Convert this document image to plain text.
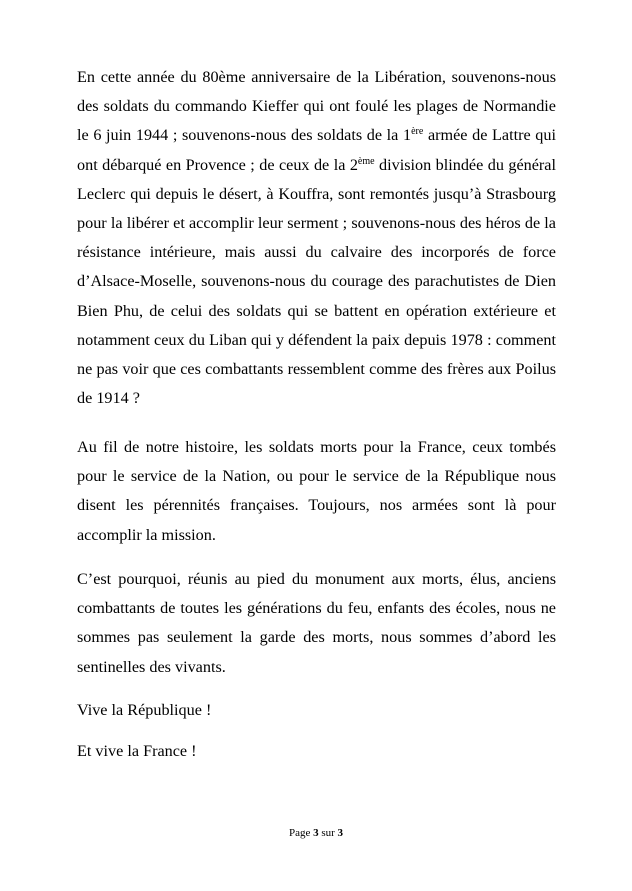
En cette année du 80ème anniversaire de la Libération, souvenons-nous des soldats du commando Kieffer qui ont foulé les plages de Normandie le 6 juin 1944 ; souvenons-nous des soldats de la 1ère armée de Lattre qui ont débarqué en Provence ; de ceux de la 2ème division blindée du général Leclerc qui depuis le désert, à Kouffra, sont remontés jusqu’à Strasbourg pour la libérer et accomplir leur serment ; souvenons-nous des héros de la résistance intérieure, mais aussi du calvaire des incorporés de force d’Alsace-Moselle, souvenons-nous du courage des parachutistes de Dien Bien Phu, de celui des soldats qui se battent en opération extérieure et notamment ceux du Liban qui y défendent la paix depuis 1978 : comment ne pas voir que ces combattants ressemblent comme des frères aux Poilus de 1914 ?

Au fil de notre histoire, les soldats morts pour la France, ceux tombés pour le service de la Nation, ou pour le service de la République nous disent les pérennités françaises. Toujours, nos armées sont là pour accomplir la mission.

C’est pourquoi, réunis au pied du monument aux morts, élus, anciens combattants de toutes les générations du feu, enfants des écoles, nous ne sommes pas seulement la garde des morts, nous sommes d’abord les sentinelles des vivants.

Vive la République !

Et vive la France !

Page 3 sur 3
